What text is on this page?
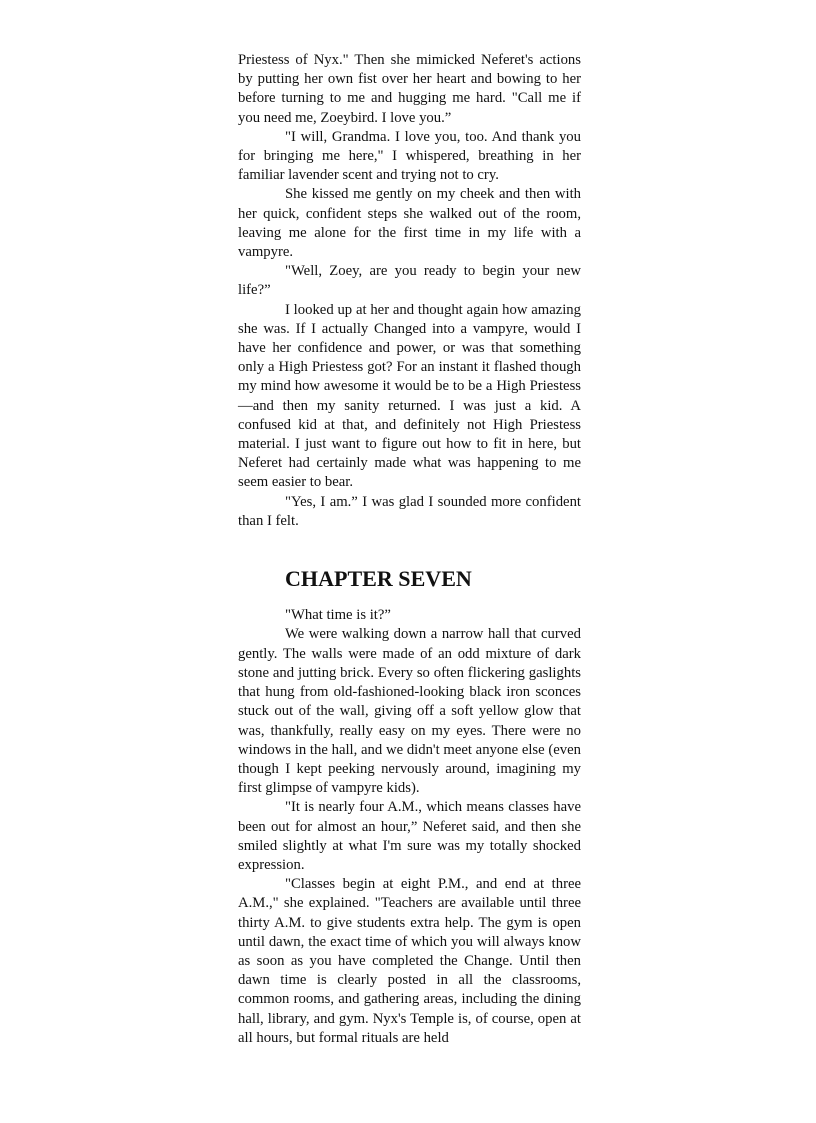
Priestess of Nyx." Then she mimicked Neferet's actions by putting her own fist over her heart and bowing to her before turning to me and hugging me hard. "Call me if you need me, Zoeybird. I love you.”

"I will, Grandma. I love you, too. And thank you for bringing me here," I whispered, breathing in her familiar lavender scent and trying not to cry.

She kissed me gently on my cheek and then with her quick, confident steps she walked out of the room, leaving me alone for the first time in my life with a vampyre.

"Well, Zoey, are you ready to begin your new life?”

I looked up at her and thought again how amazing she was. If I actually Changed into a vampyre, would I have her confidence and power, or was that something only a High Priestess got? For an instant it flashed though my mind how awesome it would be to be a High Priestess—and then my sanity returned. I was just a kid. A confused kid at that, and definitely not High Priestess material. I just want to figure out how to fit in here, but Neferet had certainly made what was happening to me seem easier to bear.

"Yes, I am.” I was glad I sounded more confident than I felt.

CHAPTER SEVEN

"What time is it?”

We were walking down a narrow hall that curved gently. The walls were made of an odd mixture of dark stone and jutting brick. Every so often flickering gaslights that hung from old-fashioned-looking black iron sconces stuck out of the wall, giving off a soft yellow glow that was, thankfully, really easy on my eyes. There were no windows in the hall, and we didn't meet anyone else (even though I kept peeking nervously around, imagining my first glimpse of vampyre kids).

"It is nearly four A.M., which means classes have been out for almost an hour,” Neferet said, and then she smiled slightly at what I'm sure was my totally shocked expression.

"Classes begin at eight P.M., and end at three A.M.," she explained. "Teachers are available until three thirty A.M. to give students extra help. The gym is open until dawn, the exact time of which you will always know as soon as you have completed the Change. Until then dawn time is clearly posted in all the classrooms, common rooms, and gathering areas, including the dining hall, library, and gym. Nyx's Temple is, of course, open at all hours, but formal rituals are held
